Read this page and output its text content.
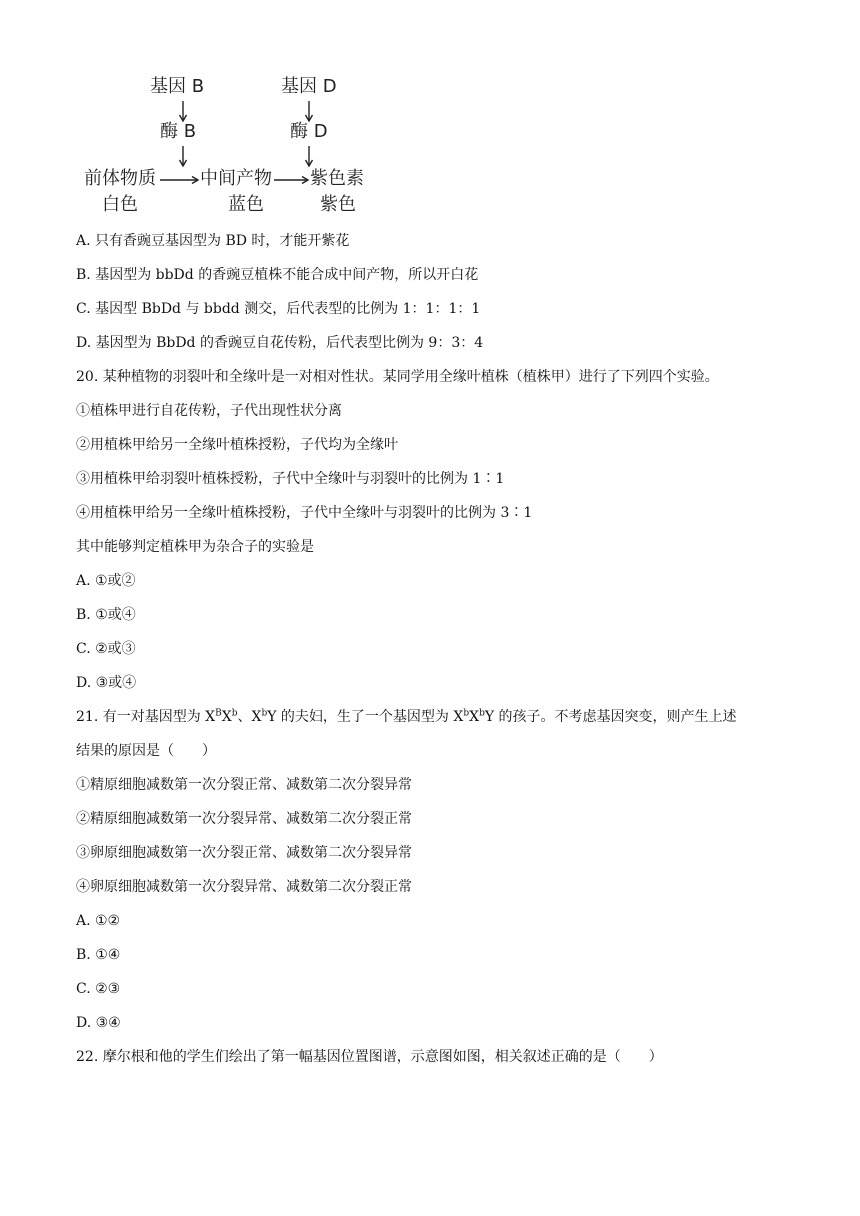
基因 B	基因 D
酶 B	酶 D
前体物质 中间产物 紫色素
白色	蓝色	紫色
A. 只有香豌豆基因型为 BD 时，才能开紫花
B. 基因型为 bbDd 的香豌豆植株不能合成中间产物，所以开白花
C. 基因型 BbDd 与 bbdd 测交，后代表型的比例为 1：1：1：1
D. 基因型为 BbDd 的香豌豆自花传粉，后代表型比例为 9：3：4
20. 某种植物的羽裂叶和全缘叶是一对相对性状。某同学用全缘叶植株（植株甲）进行了下列四个实验。
①植株甲进行自花传粉，子代出现性状分离
②用植株甲给另一全缘叶植株授粉，子代均为全缘叶
③用植株甲给羽裂叶植株授粉，子代中全缘叶与羽裂叶的比例为 1∶1
④用植株甲给另一全缘叶植株授粉，子代中全缘叶与羽裂叶的比例为 3∶1
其中能够判定植株甲为杂合子的实验是
A. ①或②
B. ①或④
C. ②或③
D. ③或④
21. 有一对基因型为 $X^BX^b$、$X^bY$ 的夫妇，生了一个基因型为 $X^bX^bY$ 的孩子。不考虑基因突变，则产生上述
结果的原因是（　　）
①精原细胞减数第一次分裂正常、减数第二次分裂异常
②精原细胞减数第一次分裂异常、减数第二次分裂正常
③卵原细胞减数第一次分裂正常、减数第二次分裂异常
④卵原细胞减数第一次分裂异常、减数第二次分裂正常
A. ①②
B. ①④
C. ②③
D. ③④
22. 摩尔根和他的学生们绘出了第一幅基因位置图谱，示意图如图，相关叙述正确的是（　　）
